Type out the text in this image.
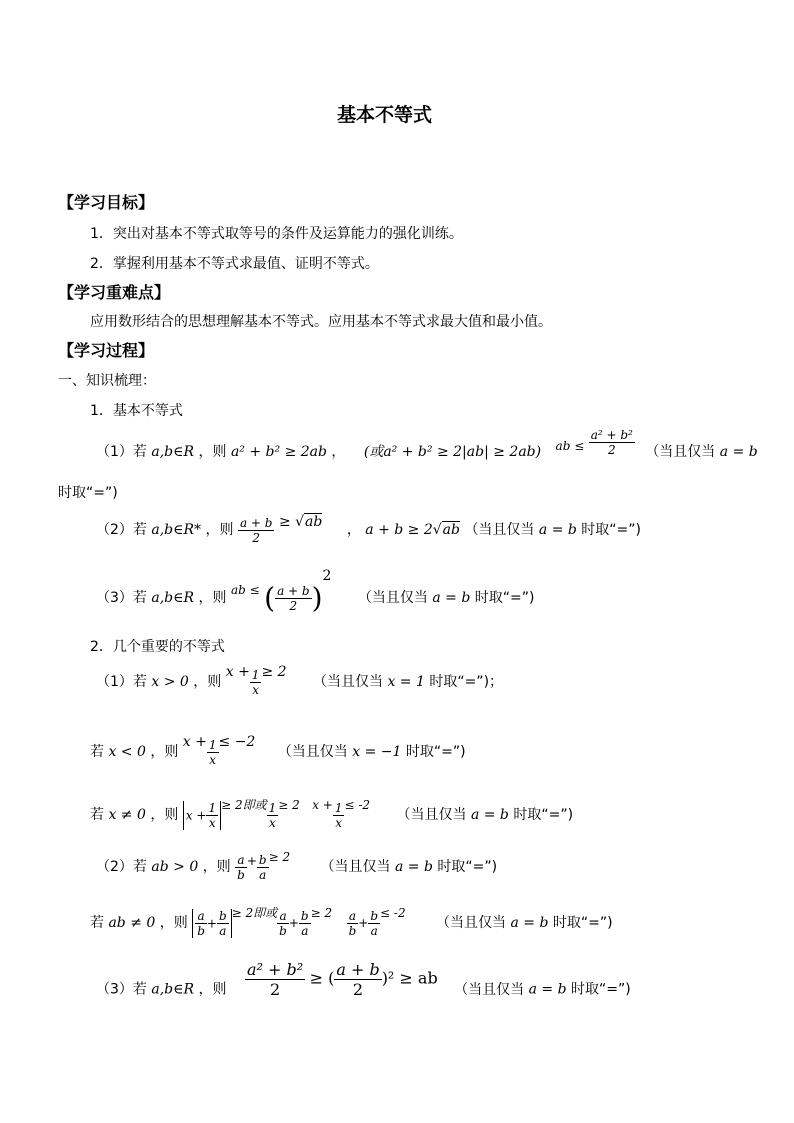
基本不等式
【学习目标】
1．突出对基本不等式取等号的条件及运算能力的强化训练。
2．掌握利用基本不等式求最值、证明不等式。
【学习重难点】
应用数形结合的思想理解基本不等式。应用基本不等式求最大值和最小值。
【学习过程】
一、知识梳理：
1．基本不等式
（1）若 a,b∈R ，则 a² + b² ≥ 2ab ， (或a² + b² ≥ 2|ab| ≥ 2ab) ab ≤ $\frac{\text{a² + b²}}{2}$ （当且仅当 a = b
时取“=”)
（2）若 a,b∈R* ，则 $\frac{a + b}{2} \ge √ab$ ， a + b ≥ 2√ab （当且仅当 a = b 时取“=”)
（3）若 a,b∈R ，则 ab ≤ ( $\frac{a + b}{2} )^2$ （当且仅当 a = b 时取“=”)
2．几个重要的不等式
（1）若 x > 0 ，则 $x + \frac{1}{x} \ge 2$ （当且仅当 x = 1 时取“=”)；
若 x < 0 ，则 $x + \frac{1}{x} \le -2$ （当且仅当 x = −1 时取“=”)
若 x ≠ 0 ，则 $x + \frac{1}{x} \ge 2$即或 $\frac{1}{x} \ge 2$ $x + \frac{1}{x} \le -2$ （当且仅当 a = b 时取“=”)
（2）若 ab > 0 ，则 $\frac{a}{b} + \frac{b}{a} \ge 2$ （当且仅当 a = b 时取“=”)
若 ab ≠ 0 ，则 $\frac{a}{b} + \frac{b}{a} \ge 2$即或 $\frac{a}{b} + \frac{b}{a} \ge 2 \frac{a}{b} + \frac{b}{a} \le -2$ （当且仅当 a = b 时取“=”)
（3）若 a,b∈R ，则 $\frac{\text{a² + b²}}{2}$ ≥ ( $\frac{a + b}{2} )^2$ ≥ ab （当且仅当 a = b 时取“=”)
